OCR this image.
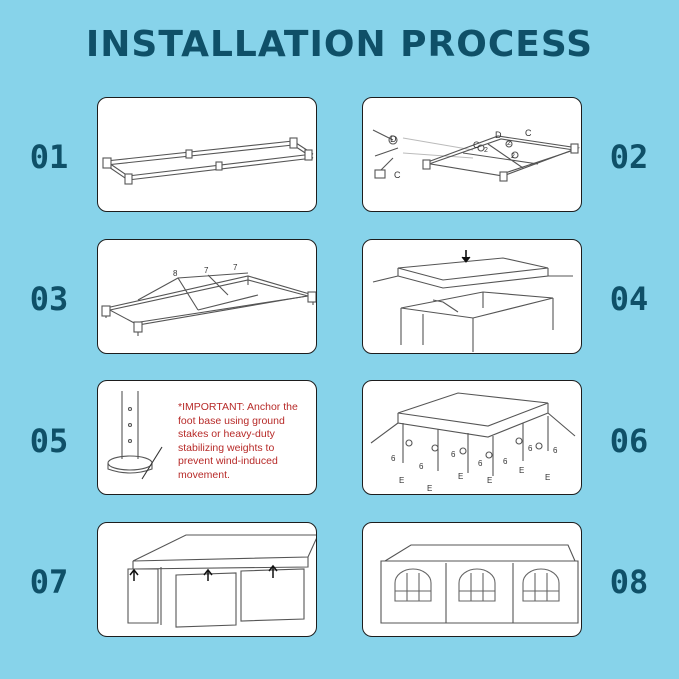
INSTALLATION PROCESS
01	02
03	04
05	06
07	08
D	D
C
C
C
2
2
2
8	7	7
*IMPORTANT: Anchor the foot base using ground stakes or heavy-duty stabilizing weights to prevent wind-induced movement.
6
6
6
6	6
6	6
E
E
E	E
E
E
